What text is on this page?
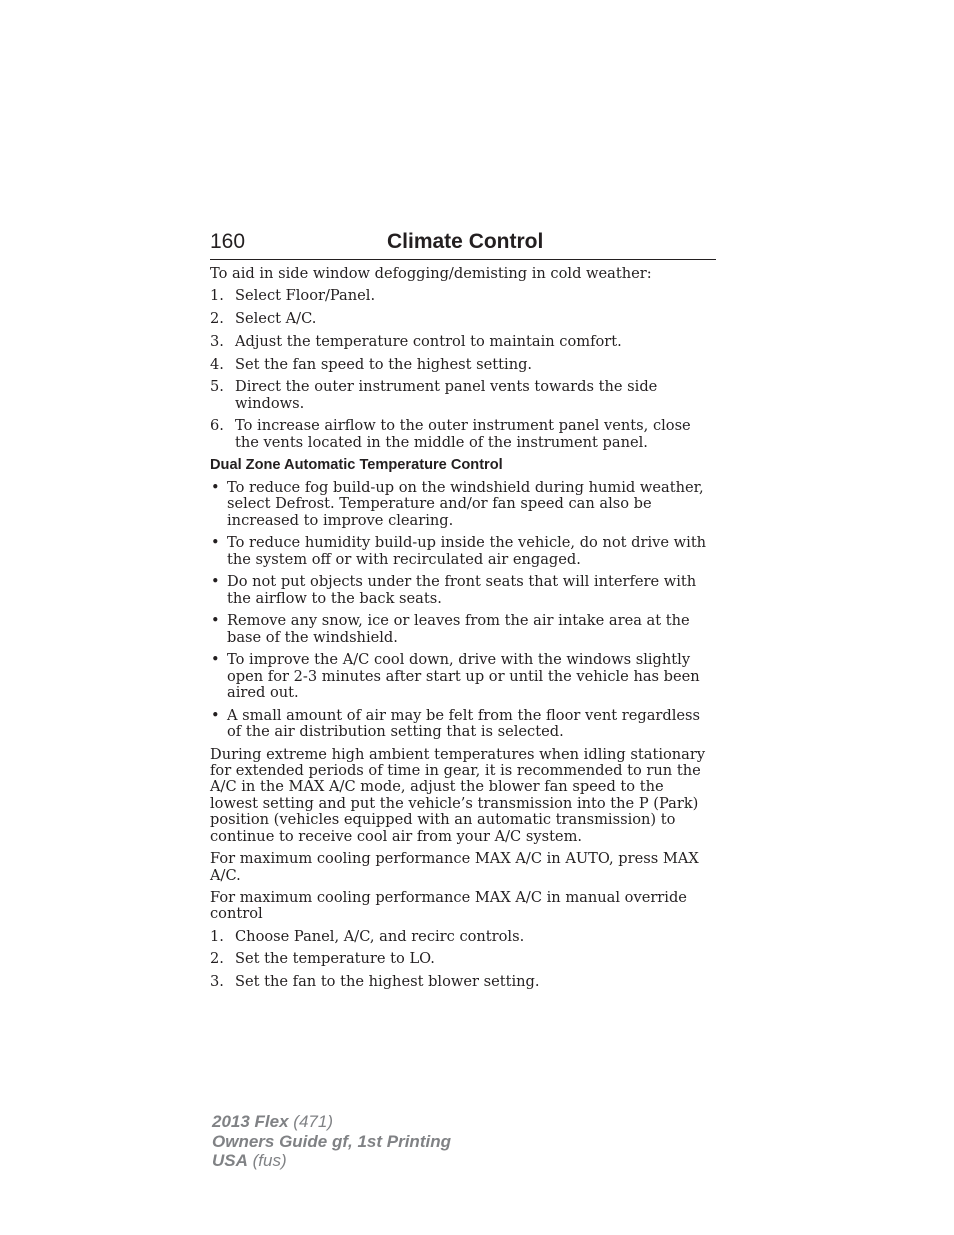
160	Climate Control

To aid in side window defogging/demisting in cold weather:

1. Select Floor/Panel.
2. Select A/C.
3. Adjust the temperature control to maintain comfort.
4. Set the fan speed to the highest setting.
5. Direct the outer instrument panel vents towards the side windows.
6. To increase airflow to the outer instrument panel vents, close the vents located in the middle of the instrument panel.
Dual Zone Automatic Temperature Control
• To reduce fog build-up on the windshield during humid weather, select Defrost. Temperature and/or fan speed can also be increased to improve clearing.
• To reduce humidity build-up inside the vehicle, do not drive with the system off or with recirculated air engaged.
• Do not put objects under the front seats that will interfere with the airflow to the back seats.
• Remove any snow, ice or leaves from the air intake area at the base of the windshield.
• To improve the A/C cool down, drive with the windows slightly open for 2-3 minutes after start up or until the vehicle has been aired out.
• A small amount of air may be felt from the floor vent regardless of the air distribution setting that is selected.

During extreme high ambient temperatures when idling stationary for extended periods of time in gear, it is recommended to run the A/C in the MAX A/C mode, adjust the blower fan speed to the lowest setting and put the vehicle’s transmission into the P (Park) position (vehicles equipped with an automatic transmission) to continue to receive cool air from your A/C system.

For maximum cooling performance MAX A/C in AUTO, press MAX A/C.

For maximum cooling performance MAX A/C in manual override control

1. Choose Panel, A/C, and recirc controls.
2. Set the temperature to LO.
3. Set the fan to the highest blower setting.
2013 Flex (471)
Owners Guide gf, 1st Printing
USA (fus)
